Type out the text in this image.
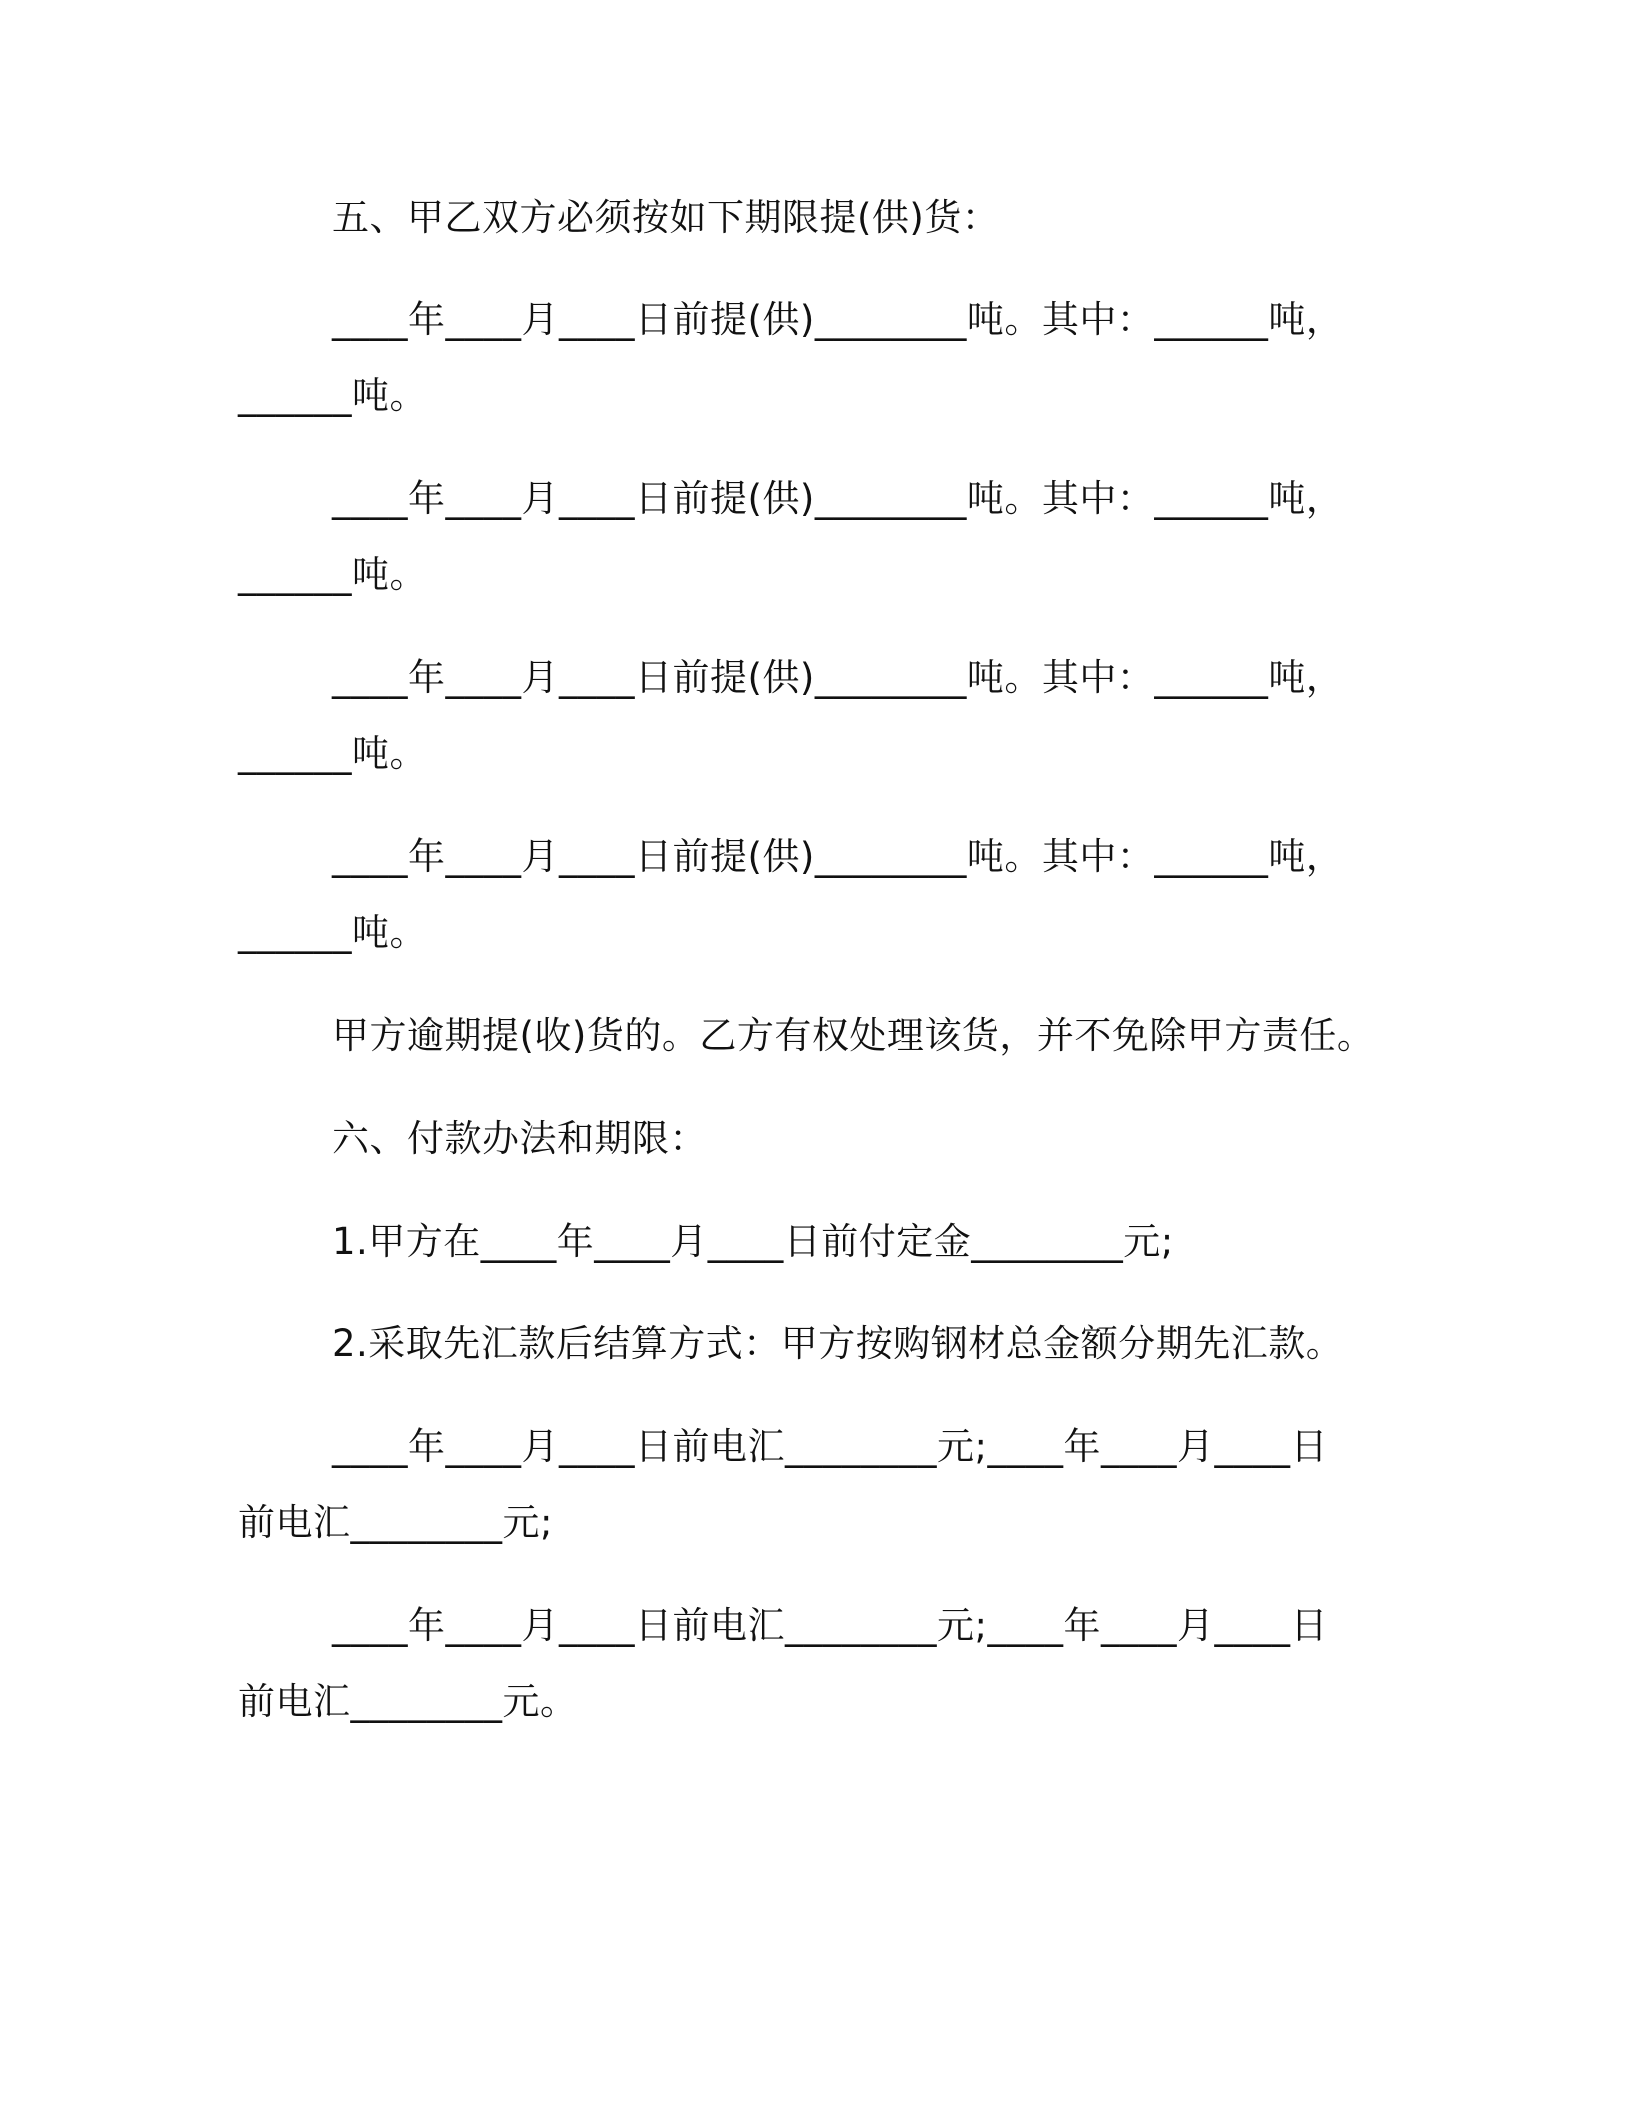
五、甲乙双方必须按如下期限提(供)货：
____年____月____日前提(供)________吨。其中：______吨，
______吨。
____年____月____日前提(供)________吨。其中：______吨，
______吨。
____年____月____日前提(供)________吨。其中：______吨，
______吨。
____年____月____日前提(供)________吨。其中：______吨，
______吨。
甲方逾期提(收)货的。乙方有权处理该货，并不免除甲方责任。
六、付款办法和期限：
1.甲方在____年____月____日前付定金________元;
2.采取先汇款后结算方式：甲方按购钢材总金额分期先汇款。
____年____月____日前电汇________元;____年____月____日
前电汇________元;
____年____月____日前电汇________元;____年____月____日
前电汇________元。
